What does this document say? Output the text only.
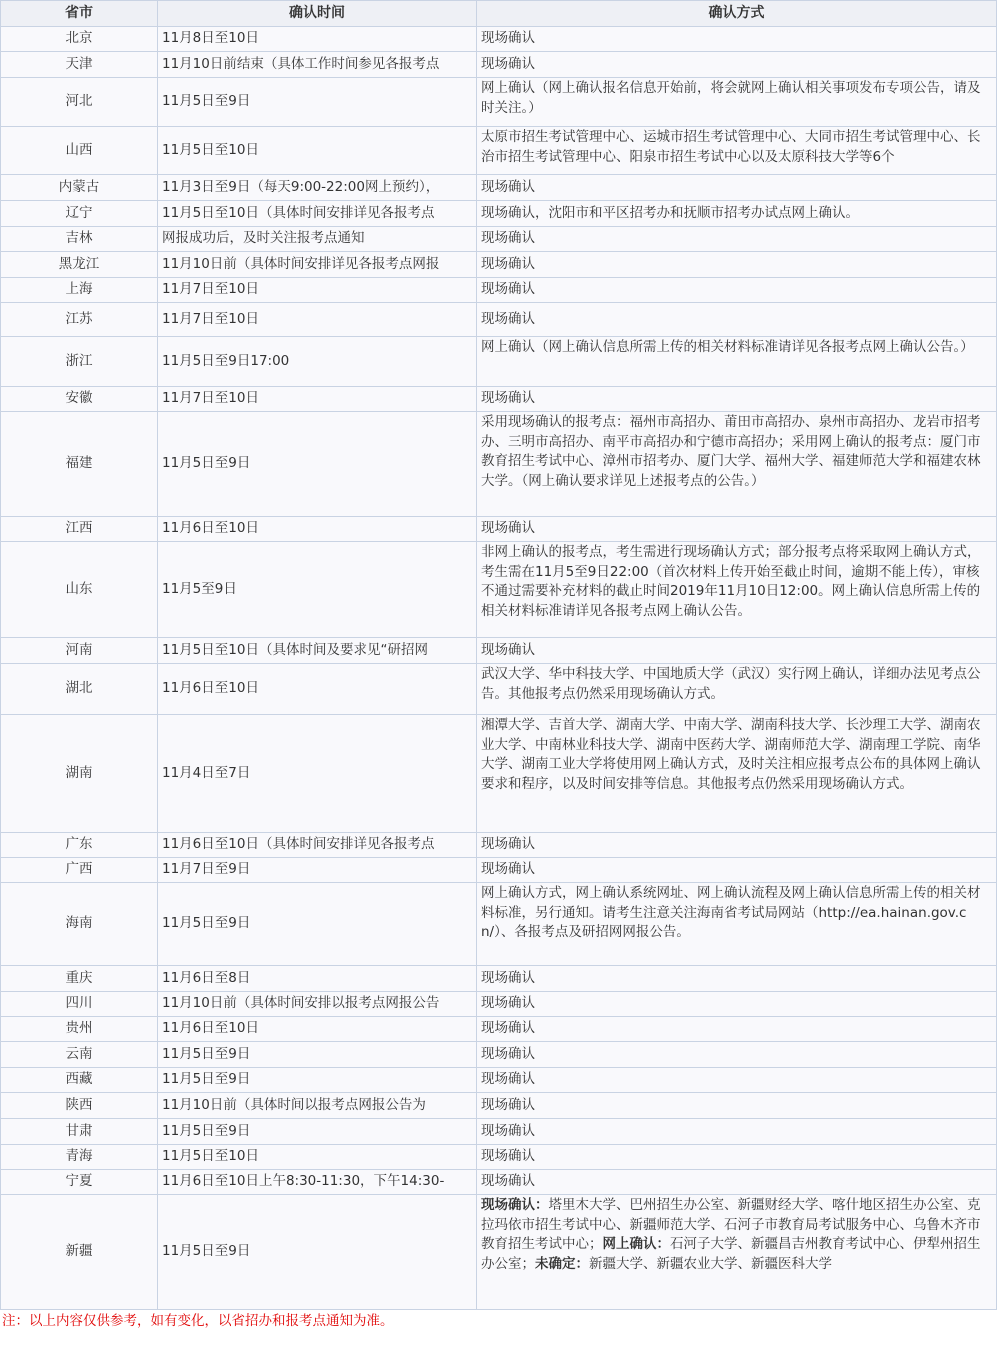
省市	确认时间	确认方式
北京	11月8日至10日	现场确认
天津	11月10日前结束（具体工作时间参见各报考点	现场确认
河北	11月5日至9日	网上确认（网上确认报名信息开始前，将会就网上确认相关事项发布专项公告，请及时关注。）
山西	11月5日至10日	太原市招生考试管理中心、运城市招生考试管理中心、大同市招生考试管理中心、长治市招生考试管理中心、阳泉市招生考试中心以及太原科技大学等6个
内蒙古	11月3日至9日（每天9:00-22:00网上预约），	现场确认
辽宁	11月5日至10日（具体时间安排详见各报考点	现场确认，沈阳市和平区招考办和抚顺市招考办试点网上确认。
吉林	网报成功后，及时关注报考点通知	现场确认
黑龙江	11月10日前（具体时间安排详见各报考点网报	现场确认
上海	11月7日至10日	现场确认
江苏	11月7日至10日	现场确认
浙江	11月5日至9日17:00	网上确认（网上确认信息所需上传的相关材料标准请详见各报考点网上确认公告。）
安徽	11月7日至10日	现场确认
福建	11月5日至9日	采用现场确认的报考点：福州市高招办、莆田市高招办、泉州市高招办、龙岩市招考办、三明市高招办、南平市高招办和宁德市高招办；采用网上确认的报考点：厦门市教育招生考试中心、漳州市招考办、厦门大学、福州大学、福建师范大学和福建农林大学。（网上确认要求详见上述报考点的公告。）
江西	11月6日至10日	现场确认
山东	11月5至9日	非网上确认的报考点，考生需进行现场确认方式；部分报考点将采取网上确认方式，考生需在11月5至9日22:00（首次材料上传开始至截止时间，逾期不能上传），审核不通过需要补充材料的截止时间2019年11月10日12:00。网上确认信息所需上传的相关材料标准请详见各报考点网上确认公告。
河南	11月5日至10日（具体时间及要求见“研招网	现场确认
湖北	11月6日至10日	武汉大学、华中科技大学、中国地质大学（武汉）实行网上确认，详细办法见考点公告。其他报考点仍然采用现场确认方式。
湖南	11月4日至7日	湘潭大学、吉首大学、湖南大学、中南大学、湖南科技大学、长沙理工大学、湖南农业大学、中南林业科技大学、湖南中医药大学、湖南师范大学、湖南理工学院、南华大学、湖南工业大学将使用网上确认方式，及时关注相应报考点公布的具体网上确认要求和程序，以及时间安排等信息。其他报考点仍然采用现场确认方式。
广东	11月6日至10日（具体时间安排详见各报考点	现场确认
广西	11月7日至9日	现场确认
海南	11月5日至9日	网上确认方式，网上确认系统网址、网上确认流程及网上确认信息所需上传的相关材料标准，另行通知。请考生注意关注海南省考试局网站（http://ea.hainan.gov.cn/）、各报考点及研招网网报公告。
重庆	11月6日至8日	现场确认
四川	11月10日前（具体时间安排以报考点网报公告	现场确认
贵州	11月6日至10日	现场确认
云南	11月5日至9日	现场确认
西藏	11月5日至9日	现场确认
陕西	11月10日前（具体时间以报考点网报公告为	现场确认
甘肃	11月5日至9日	现场确认
青海	11月5日至10日	现场确认
宁夏	11月6日至10日上午8:30-11:30，下午14:30-	现场确认
新疆	11月5日至9日	现场确认：塔里木大学、巴州招生办公室、新疆财经大学、喀什地区招生办公室、克拉玛依市招生考试中心、新疆师范大学、石河子市教育局考试服务中心、乌鲁木齐市教育招生考试中心；网上确认：石河子大学、新疆昌吉州教育考试中心、伊犁州招生办公室；未确定：新疆大学、新疆农业大学、新疆医科大学
注：以上内容仅供参考，如有变化，以省招办和报考点通知为准。
